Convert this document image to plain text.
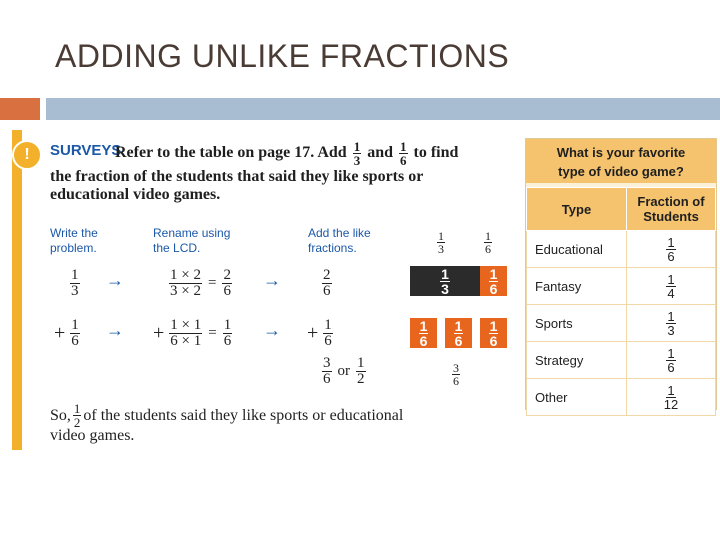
ADDING UNLIKE FRACTIONS
!	SURVEYS
Refer to the table on page 17. Add $\frac{1}{3}$ and $\frac{1}{6}$ to find
the fraction of the students that said they like sports or
educational video games.
Write the
problem.
Rename using
the LCD.
Add the like
fractions.
$\frac{1}{3}$ →	$\frac{1 \times 2}{3 \times 2} = \frac{2}{6}$ →	$\frac{2}{6}$
+ $\frac{1}{6}$ → + $\frac{1 \times 1}{6 \times 1} = \frac{1}{6}$ → + $\frac{1}{6}$
$\frac{3}{6}$ or $\frac{1}{2}$
$\frac{1}{3}$	$\frac{1}{6}$
$\frac{1}{3}$	$\frac{1}{6}$
$\frac{1}{6} \frac{1}{6} \frac{1}{6}$
$\frac{3}{6}$
So, $\frac{1}{2}$ of the students said they like sports or educational
video games.
What is your favorite
type of video game?
Type	Fraction of
Students
Educational	$\frac{1}{6}$

Fantasy	$\frac{1}{4}$

Sports	$\frac{1}{3}$

Strategy	$\frac{1}{6}$

Other	$\frac{1}{12}$
